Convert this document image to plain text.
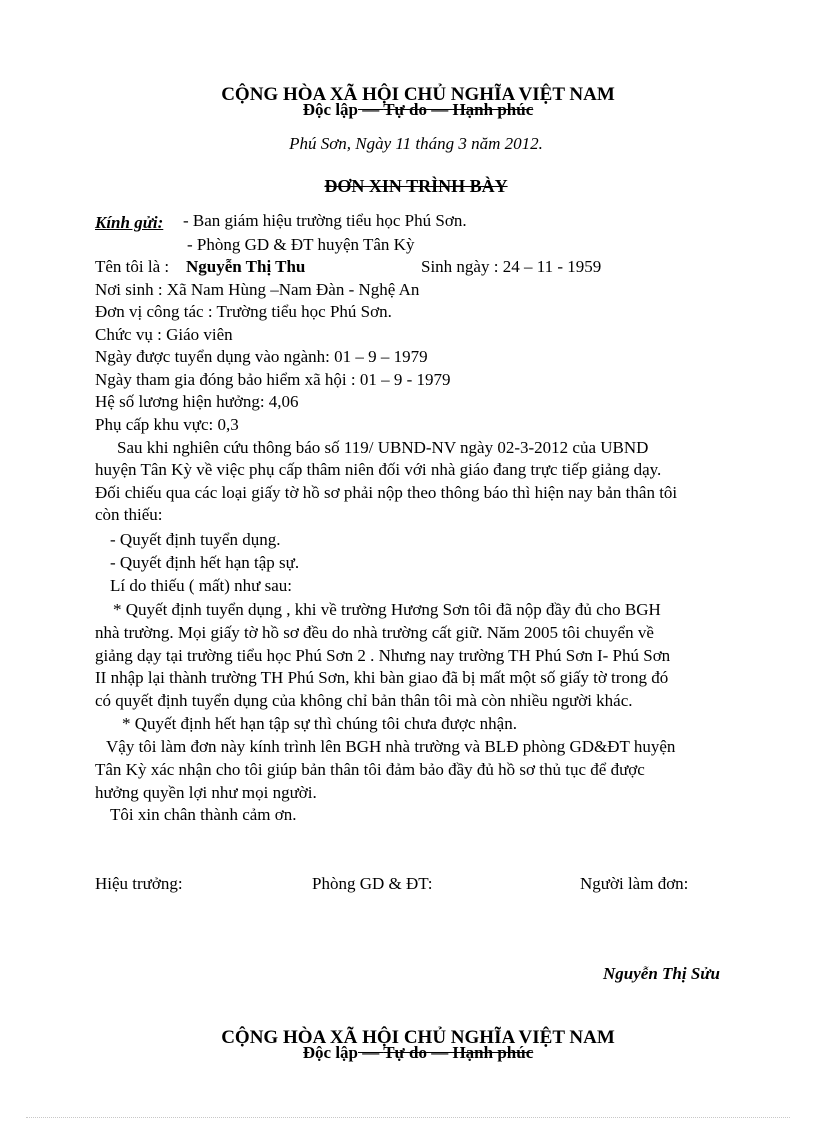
CỘNG HÒA XÃ HỘI CHỦ NGHĨA VIỆT NAM
Độc lập — Tự do — Hạnh phúc
Phú Sơn, Ngày 11 tháng 3 năm 2012.
ĐƠN XIN TRÌNH BÀY
Kính gửi: - Ban giám hiệu trường tiểu học Phú Sơn.
- Phòng GD & ĐT huyện Tân Kỳ
Tên tôi là : Nguyễn Thị Thu	Sinh ngày : 24 – 11 - 1959
Nơi sinh : Xã Nam Hùng –Nam Đàn - Nghệ An
Đơn vị công tác : Trường tiểu học Phú Sơn.
Chức vụ : Giáo viên
Ngày được tuyển dụng vào ngành: 01 – 9 – 1979
Ngày tham gia đóng bảo hiểm xã hội : 01 – 9 - 1979
Hệ số lương hiện hưởng: 4,06
Phụ cấp khu vực: 0,3
Sau khi nghiên cứu thông báo số 119/ UBND-NV ngày 02-3-2012 của UBND
huyện Tân Kỳ về việc phụ cấp thâm niên đối với nhà giáo đang trực tiếp giảng dạy.
Đối chiếu qua các loại giấy tờ hồ sơ phải nộp theo thông báo thì hiện nay bản thân tôi
còn thiếu:
- Quyết định tuyển dụng.
- Quyết định hết hạn tập sự.
Lí do thiếu ( mất) như sau:
* Quyết định tuyển dụng , khi về trường Hương Sơn tôi đã nộp đầy đủ cho BGH
nhà trường. Mọi giấy tờ hồ sơ đều do nhà trường cất giữ. Năm 2005 tôi chuyển về
giảng dạy tại trường tiểu học Phú Sơn 2 . Nhưng nay trường TH Phú Sơn I- Phú Sơn
II nhập lại thành trường TH Phú Sơn, khi bàn giao đã bị mất một số giấy tờ trong đó
có quyết định tuyển dụng của không chỉ bản thân tôi mà còn nhiều người khác.
* Quyết định hết hạn tập sự thì chúng tôi chưa được nhận.
Vậy tôi làm đơn này kính trình lên BGH nhà trường và BLĐ phòng GD&ĐT huyện
Tân Kỳ xác nhận cho tôi giúp bản thân tôi đảm bảo đầy đủ hồ sơ thủ tục để được
hưởng quyền lợi như mọi người.
Tôi xin chân thành cảm ơn.
Hiệu trưởng:	Phòng GD & ĐT:	Người làm đơn:
Nguyễn Thị Sửu
CỘNG HÒA XÃ HỘI CHỦ NGHĨA VIỆT NAM
Độc lập — Tự do — Hạnh phúc
